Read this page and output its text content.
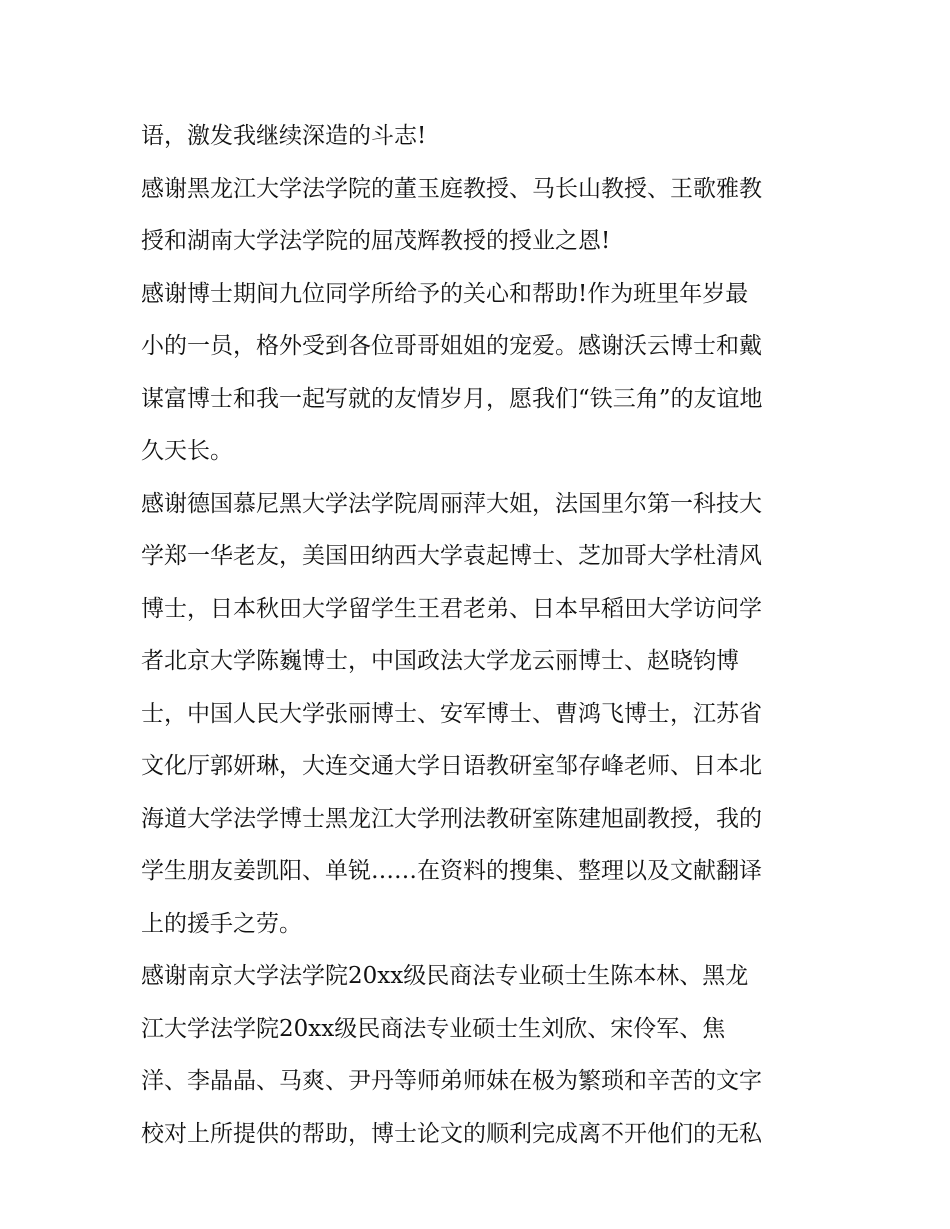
语，激发我继续深造的斗志!
感谢黑龙江大学法学院的董玉庭教授、马长山教授、王歌雅教
授和湖南大学法学院的屈茂辉教授的授业之恩!
感谢博士期间九位同学所给予的关心和帮助!作为班里年岁最
小的一员，格外受到各位哥哥姐姐的宠爱。感谢沃云博士和戴
谋富博士和我一起写就的友情岁月，愿我们“铁三角”的友谊地
久天长。
感谢德国慕尼黑大学法学院周丽萍大姐，法国里尔第一科技大
学郑一华老友，美国田纳西大学袁起博士、芝加哥大学杜清风
博士，日本秋田大学留学生王君老弟、日本早稻田大学访问学
者北京大学陈巍博士，中国政法大学龙云丽博士、赵晓钧博
士，中国人民大学张丽博士、安军博士、曹鸿飞博士，江苏省
文化厅郭妍琳，大连交通大学日语教研室邹存峰老师、日本北
海道大学法学博士黑龙江大学刑法教研室陈建旭副教授，我的
学生朋友姜凯阳、单锐……在资料的搜集、整理以及文献翻译
上的援手之劳。
感谢南京大学法学院20xx级民商法专业硕士生陈本林、黑龙
江大学法学院20xx级民商法专业硕士生刘欣、宋伶军、焦
洋、李晶晶、马爽、尹丹等师弟师妹在极为繁琐和辛苦的文字
校对上所提供的帮助，博士论文的顺利完成离不开他们的无私
